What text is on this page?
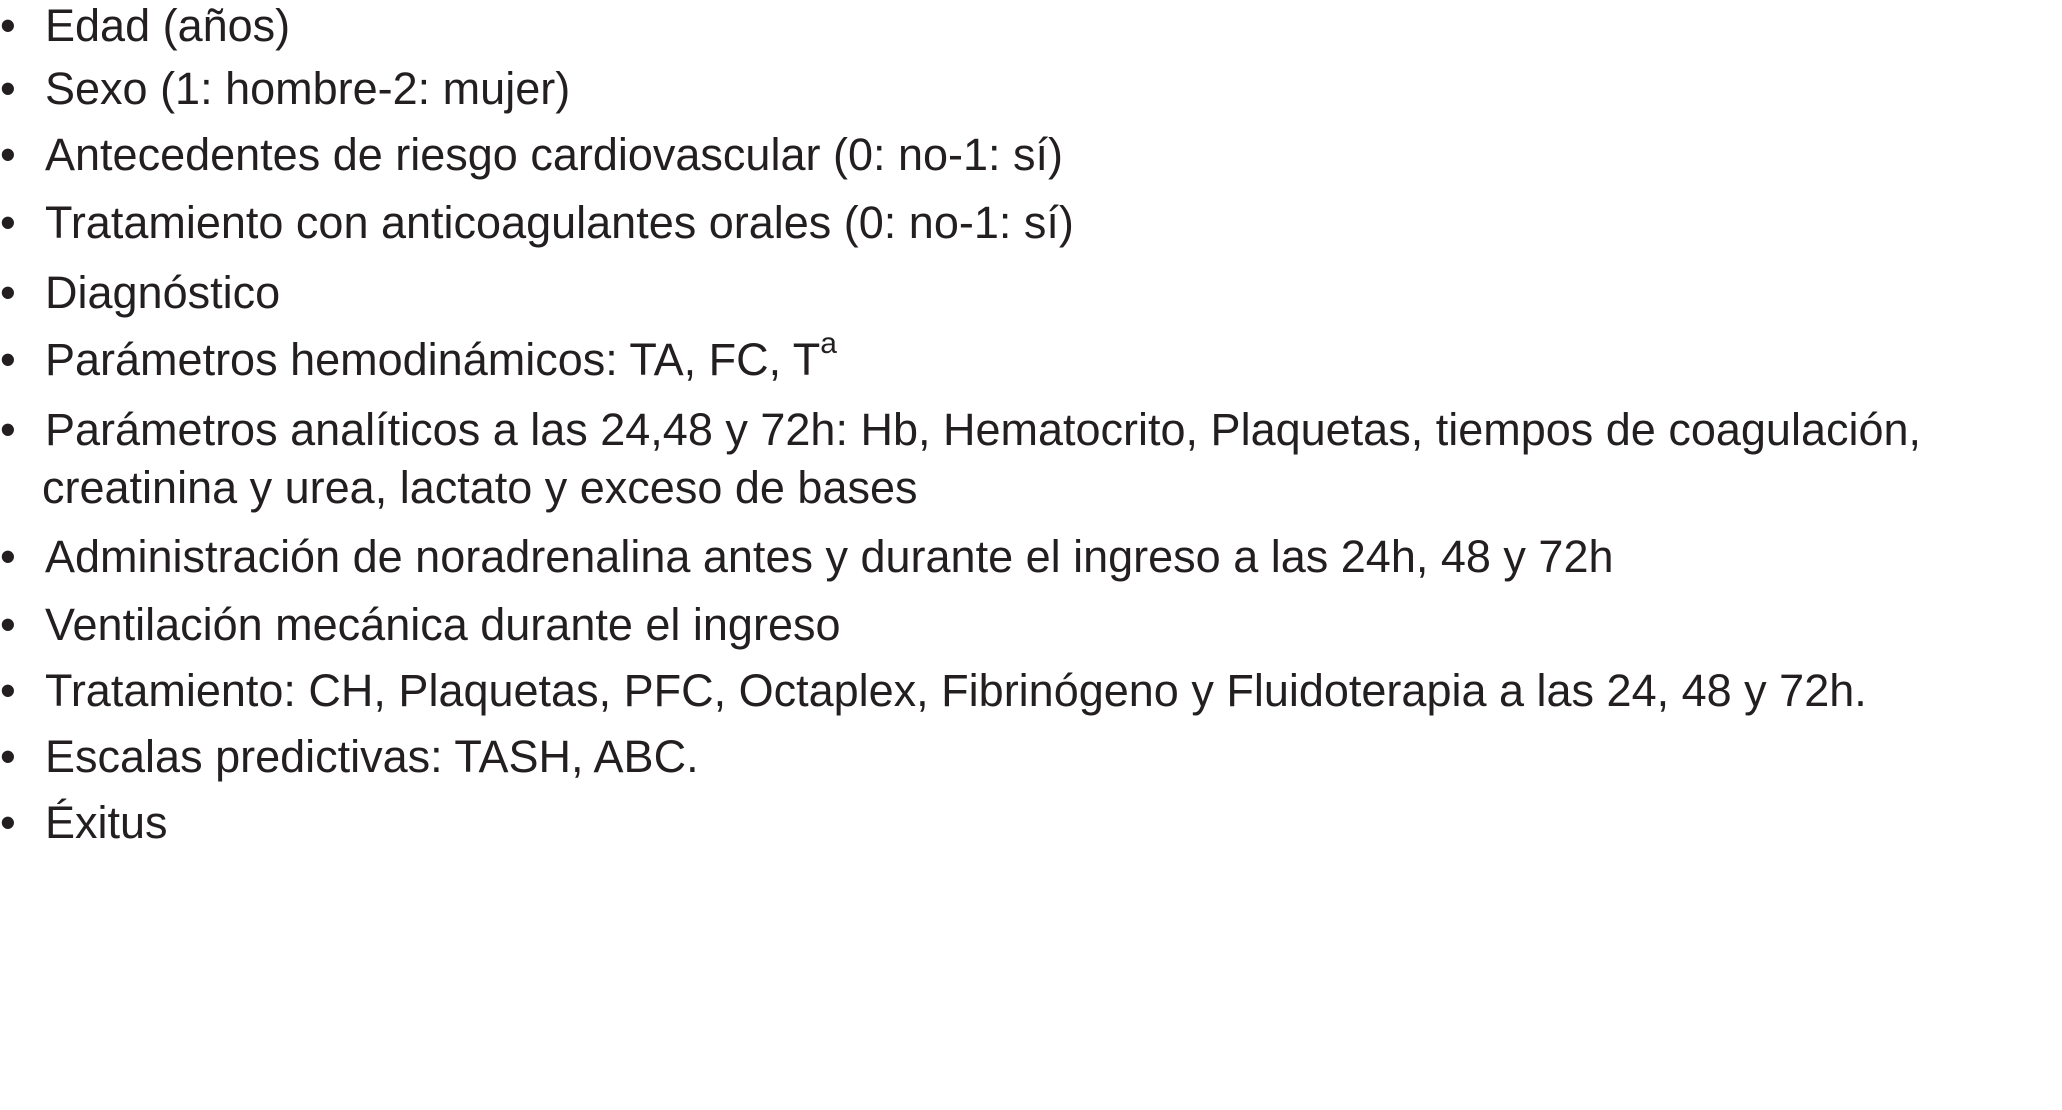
• Edad (años)
• Sexo (1: hombre-2: mujer)
• Antecedentes de riesgo cardiovascular (0: no-1: sí)
• Tratamiento con anticoagulantes orales (0: no-1: sí)
• Diagnóstico
• Parámetros hemodinámicos: TA, FC, $T^a$
• Parámetros analíticos a las 24,48 y 72h: Hb, Hematocrito, Plaquetas, tiempos de coagulación,
creatinina y urea, lactato y exceso de bases
• Administración de noradrenalina antes y durante el ingreso a las 24h, 48 y 72h
• Ventilación mecánica durante el ingreso
• Tratamiento: CH, Plaquetas, PFC, Octaplex, Fibrinógeno y Fluidoterapia a las 24, 48 y 72h.
• Escalas predictivas: TASH, ABC.
• Éxitus
